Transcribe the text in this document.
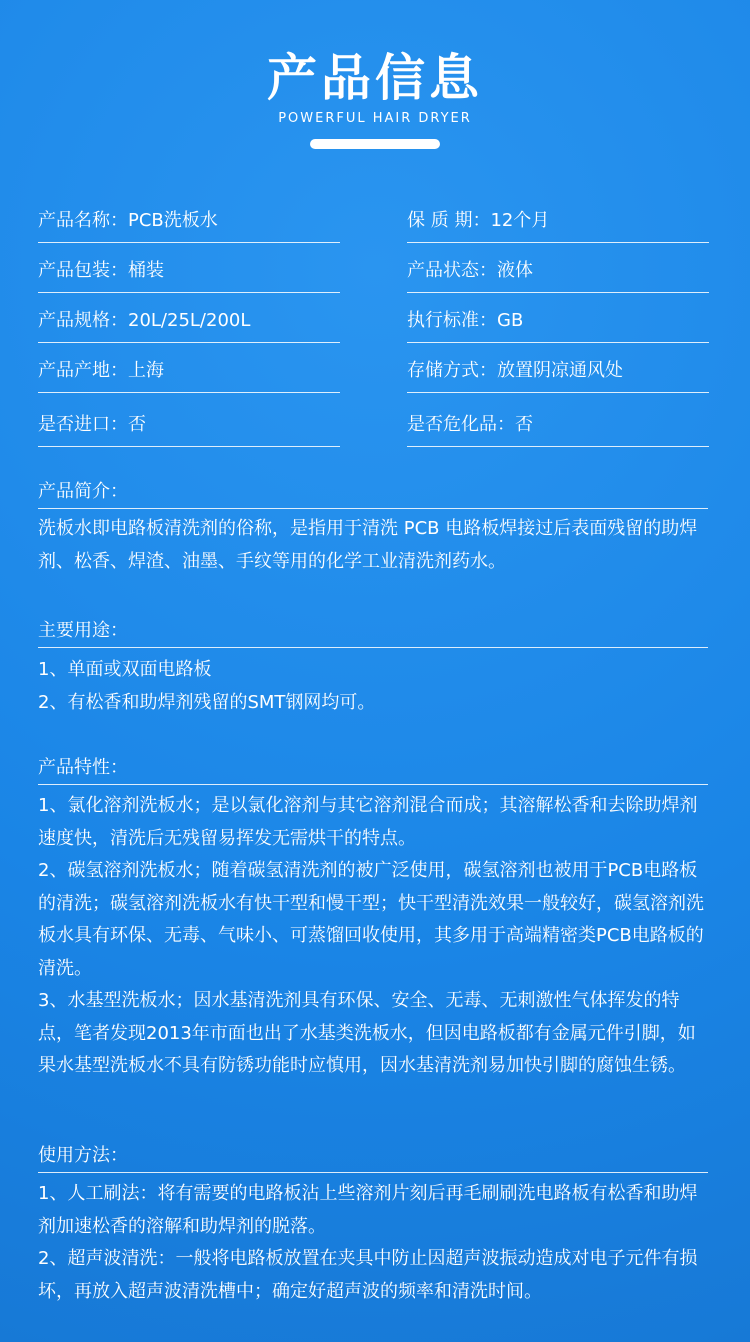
产品信息
POWERFUL HAIR DRYER
产品名称：PCB洗板水	保 质 期：12个月
产品包装：桶装	产品状态：液体
产品规格：20L/25L/200L	执行标准：GB
产品产地：上海	存储方式：放置阴凉通风处
是否进口：否	是否危化品：否
产品简介：

洗板水即电路板清洗剂的俗称，是指用于清洗 PCB 电路板焊接过后表面残留的助焊剂、松香、焊渣、油墨、手纹等用的化学工业清洗剂药水。

主要用途：

1、单面或双面电路板

2、有松香和助焊剂残留的SMT钢网均可。

产品特性：

1、氯化溶剂洗板水；是以氯化溶剂与其它溶剂混合而成；其溶解松香和去除助焊剂速度快，清洗后无残留易挥发无需烘干的特点。

2、碳氢溶剂洗板水；随着碳氢清洗剂的被广泛使用，碳氢溶剂也被用于PCB电路板的清洗；碳氢溶剂洗板水有快干型和慢干型；快干型清洗效果一般较好，碳氢溶剂洗板水具有环保、无毒、气味小、可蒸馏回收使用，其多用于高端精密类PCB电路板的清洗。

3、水基型洗板水；因水基清洗剂具有环保、安全、无毒、无刺激性气体挥发的特点，笔者发现2013年市面也出了水基类洗板水，但因电路板都有金属元件引脚，如果水基型洗板水不具有防锈功能时应慎用，因水基清洗剂易加快引脚的腐蚀生锈。

使用方法：

1、人工刷法：将有需要的电路板沾上些溶剂片刻后再毛刷刷洗电路板有松香和助焊剂加速松香的溶解和助焊剂的脱落。

2、超声波清洗：一般将电路板放置在夹具中防止因超声波振动造成对电子元件有损坏，再放入超声波清洗槽中；确定好超声波的频率和清洗时间。
